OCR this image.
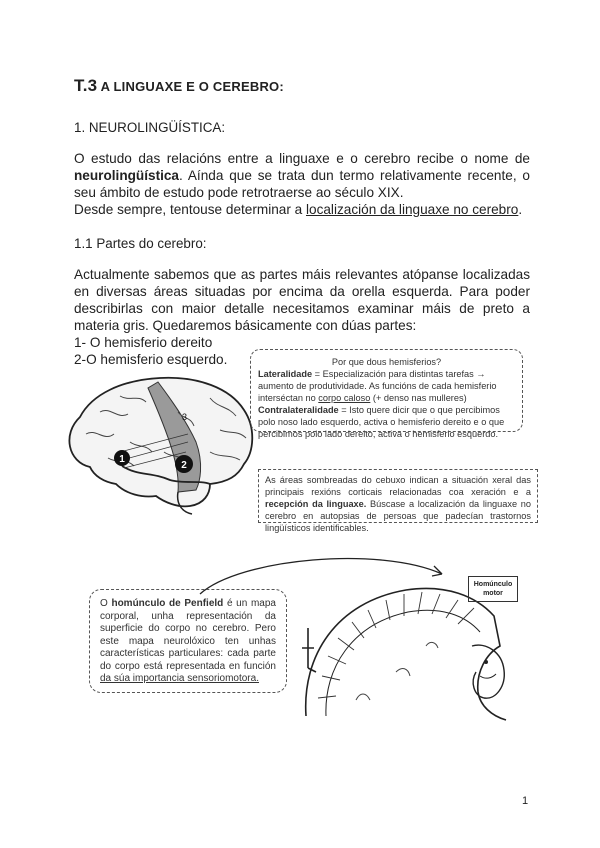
T.3 A LINGUAXE E O CEREBRO:
1. NEUROLINGÜÍSTICA:
O estudo das relacións entre a linguaxe e o cerebro recibe o nome de neurolingüística. Aínda que se trata dun termo relativamente recente, o seu ámbito de estudo pode retrotraerse ao século XIX.
Desde sempre, tentouse determinar a localización da linguaxe no cerebro.
1.1 Partes do cerebro:
Actualmente sabemos que as partes máis relevantes atópanse localizadas en diversas áreas situadas por encima da orella esquerda. Para poder describirlas con maior detalle necesitamos examinar máis de preto a materia gris. Quedaremos básicamente con dúas partes:
1- O hemisferio dereito
2-O hemisferio esquerdo.
1
2
3
Por que dous hemisferios?
Lateralidade = Especialización para distintas tarefas → aumento de produtividade. As funcións de cada hemisferio interséctan no corpo caloso (+ denso nas mulleres)
Contralateralidade = Isto quere dicir que o que percibimos polo noso lado esquerdo, activa o hemisferio dereito e o que percibimos polo lado dereito, activa o hemisferio esquerdo.
As áreas sombreadas do cebuxo indican a situación xeral das principais rexións corticais relacionadas coa xeración e a recepción da linguaxe. Búscase a localización da linguaxe no cerebro en autopsias de persoas que padecían trastornos lingüísticos identificables.
O homúnculo de Penfield é un mapa corporal, unha representación da superficie do corpo no cerebro. Pero este mapa neurolóxico ten unhas características particulares: cada parte do corpo está representada en función da súa importancia sensoriomotora.
Homúnculo
motor
1
